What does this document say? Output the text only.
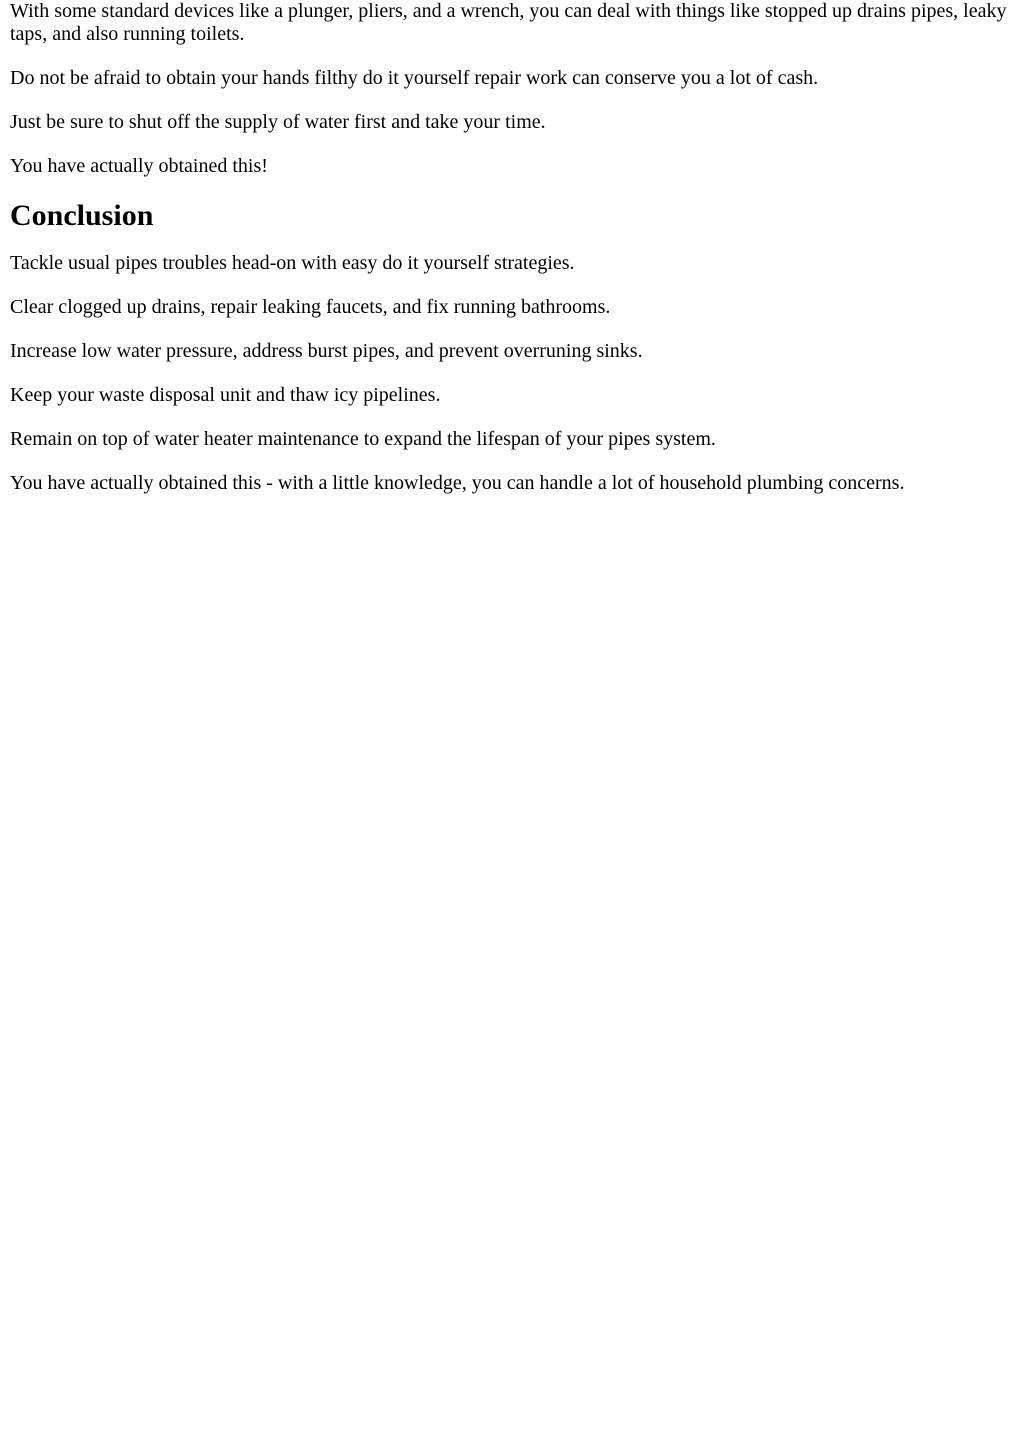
With some standard devices like a plunger, pliers, and a wrench, you can deal with things like stopped up drains pipes, leaky taps, and also running toilets.

Do not be afraid to obtain your hands filthy do it yourself repair work can conserve you a lot of cash.

Just be sure to shut off the supply of water first and take your time.

You have actually obtained this!

Conclusion

Tackle usual pipes troubles head-on with easy do it yourself strategies.

Clear clogged up drains, repair leaking faucets, and fix running bathrooms.

Increase low water pressure, address burst pipes, and prevent overruning sinks.

Keep your waste disposal unit and thaw icy pipelines.

Remain on top of water heater maintenance to expand the lifespan of your pipes system.

You have actually obtained this - with a little knowledge, you can handle a lot of household plumbing concerns.
